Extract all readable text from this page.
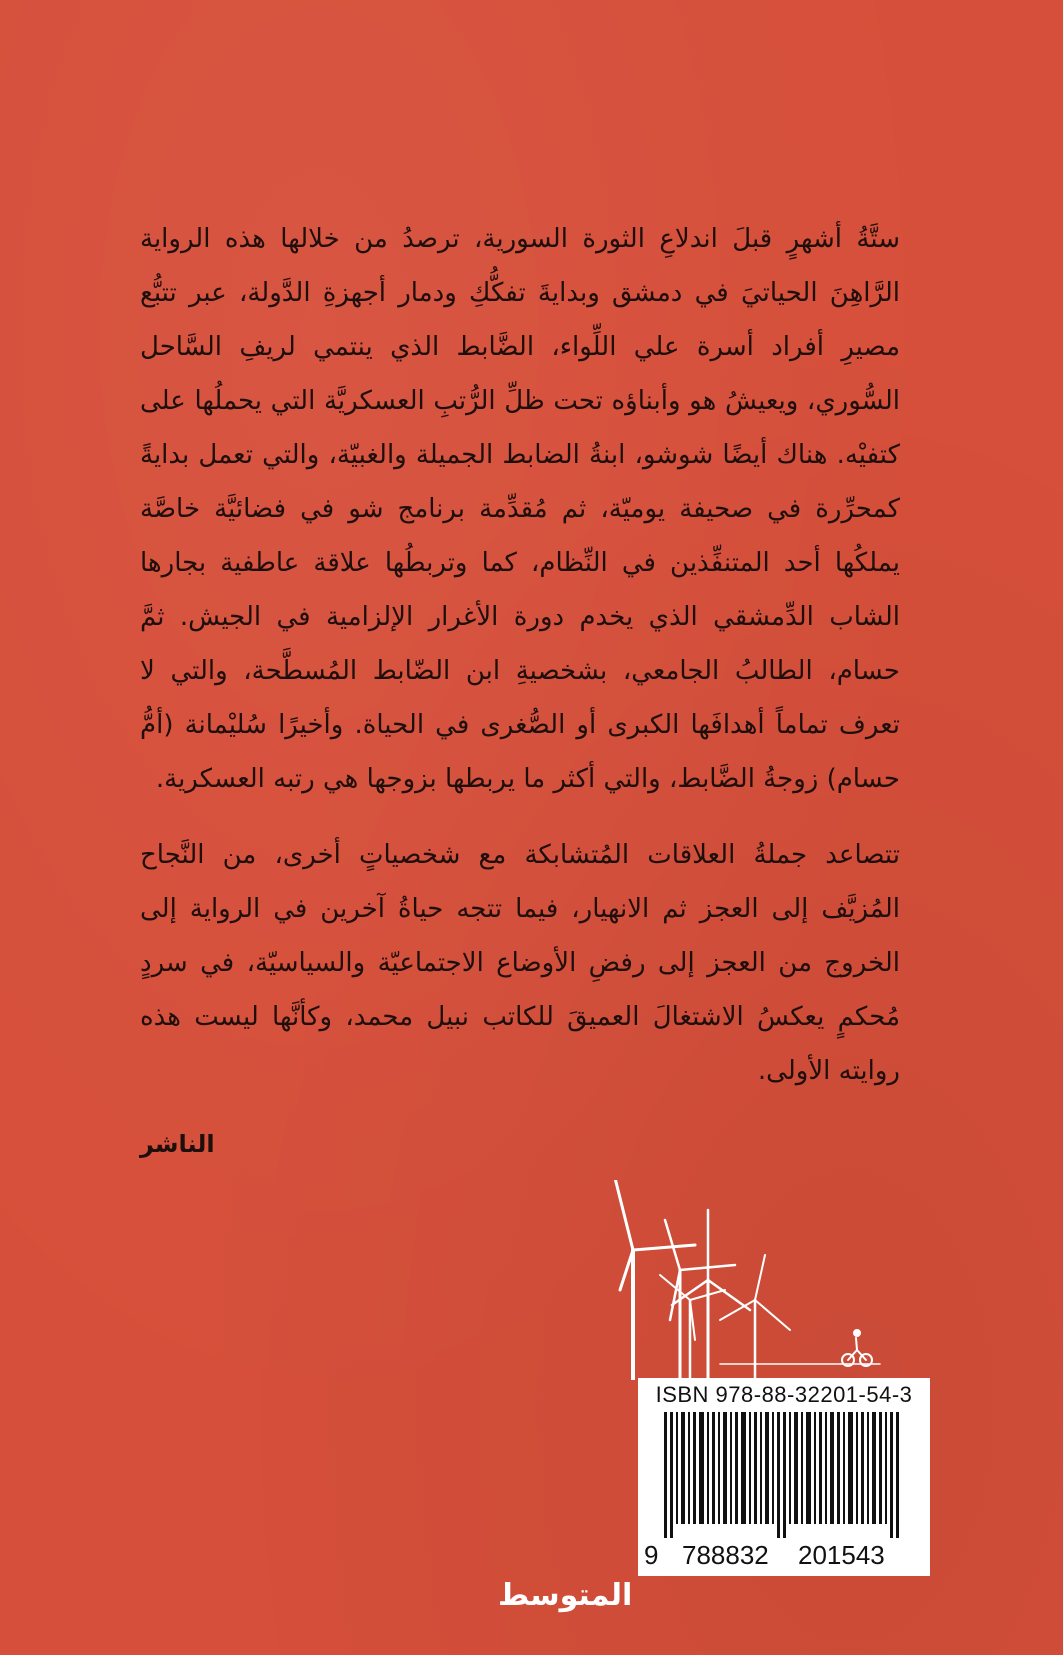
ستَّةُ أشهرٍ قبلَ اندلاعِ الثورة السورية، ترصدُ من خلالها هذه الرواية الرَّاهِنَ الحياتيَ في دمشق وبدايةَ تفكُّكِ ودمار أجهزةِ الدَّولة، عبر تتبُّع مصيرِ أفراد أسرة علي اللِّواء، الضَّابط الذي ينتمي لريفِ السَّاحل السُّوري، ويعيشُ هو وأبناؤه تحت ظلِّ الرُّتبِ العسكريَّة التي يحملُها على كتفيْه. هناك أيضًا شوشو، ابنةُ الضابط الجميلة والغبيّة، والتي تعمل بدايةً كمحرِّرة في صحيفة يوميّة، ثم مُقدِّمة برنامج شو في فضائيَّة خاصَّة يملكُها أحد المتنفِّذين في النِّظام، كما وتربطُها علاقة عاطفية بجارها الشاب الدِّمشقي الذي يخدم دورة الأغرار الإلزامية في الجيش. ثمَّ حسام، الطالبُ الجامعي، بشخصيةِ ابن الضّابط المُسطَّحة، والتي لا تعرف تماماً أهدافَها الكبرى أو الصُّغرى في الحياة. وأخيرًا سُليْمانة (أمُّ حسام) زوجةُ الضَّابط، والتي أكثر ما يربطها بزوجها هي رتبه العسكرية.

تتصاعد جملةُ العلاقات المُتشابكة مع شخصياتٍ أخرى، من النَّجاح المُزيَّف إلى العجز ثم الانهيار، فيما تتجه حياةُ آخرين في الرواية إلى الخروج من العجز إلى رفضِ الأوضاع الاجتماعيّة والسياسيّة، في سردٍ مُحكمٍ يعكسُ الاشتغالَ العميقَ للكاتب نبيل محمد، وكأنَّها ليست هذه روايته الأولى.

الناشر
ISBN 978-88-32201-54-3
9 788832 201543
المتوسط
